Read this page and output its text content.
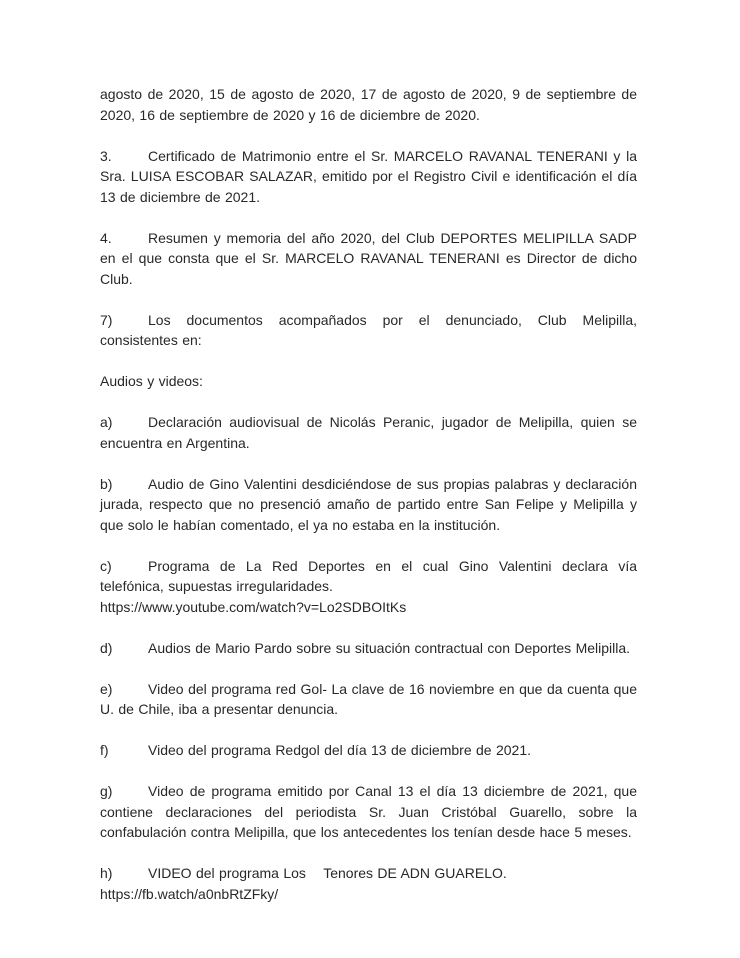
agosto de 2020, 15 de agosto de 2020, 17 de agosto de 2020, 9 de septiembre de 2020, 16 de septiembre de 2020 y 16 de diciembre de 2020.
3.	Certificado de Matrimonio entre el Sr. MARCELO RAVANAL TENERANI y la Sra. LUISA ESCOBAR SALAZAR, emitido por el Registro Civil e identificación el día 13 de diciembre de 2021.
4.	Resumen y memoria del año 2020, del Club DEPORTES MELIPILLA SADP en el que consta que el Sr. MARCELO RAVANAL TENERANI es Director de dicho Club.
7)	Los documentos acompañados por el denunciado, Club Melipilla, consistentes en:
Audios y videos:
a)	Declaración audiovisual de Nicolás Peranic, jugador de Melipilla, quien se encuentra en Argentina.
b)	Audio de Gino Valentini desdiciéndose de sus propias palabras y declaración jurada, respecto que no presenció amaño de partido entre San Felipe y Melipilla y que solo le habían comentado, el ya no estaba en la institución.
c)	Programa de La Red Deportes en el cual Gino Valentini declara vía telefónica, supuestas irregularidades.
https://www.youtube.com/watch?v=Lo2SDBOItKs
d)	Audios de Mario Pardo sobre su situación contractual con Deportes Melipilla.
e)	Video del programa red Gol- La clave de 16 noviembre en que da cuenta que U. de Chile, iba a presentar denuncia.
f)	Video del programa Redgol del día 13 de diciembre de 2021.
g)	Video de programa emitido por Canal 13 el día 13 diciembre de 2021, que contiene declaraciones del periodista Sr. Juan Cristóbal Guarello, sobre la confabulación contra Melipilla, que los antecedentes los tenían desde hace 5 meses.
h)	VIDEO del programa Los    Tenores DE ADN GUARELO.
https://fb.watch/a0nbRtZFky/
